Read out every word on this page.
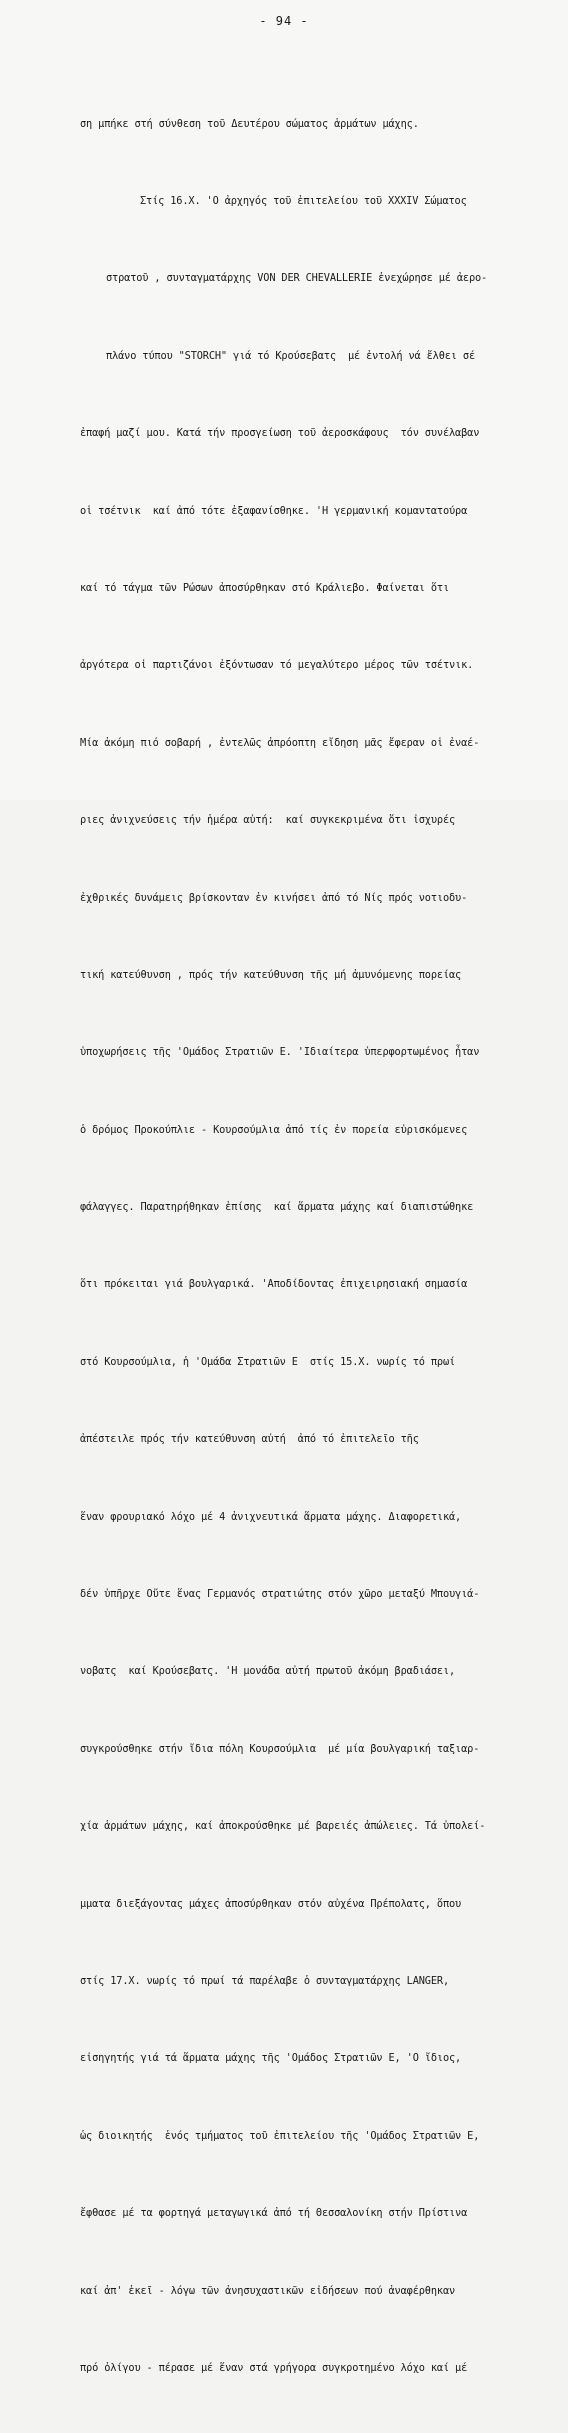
- 94 -

ση μπήκε στή σύνθεση τοῦ Δευτέρου σώματος ἁρμάτων μάχης.

Στίς 16.Χ. 'Ο ἀρχηγός τοῦ ἐπιτελείου τοῦ ΧΧΧΙV Σώματος

στρατοῦ , συνταγματάρχης VON DER CHEVALLERIE ἐνεχώρησε μέ ἀερο-

πλάνο τύπου "STORCH" γιά τό Κρούσεβατς  μέ ἐντολή νά ἔλθει σέ

ἐπαφή μαζί μου. Κατά τήν προσγείωση τοῦ ἀεροσκάφους  τόν συνέλαβαν

οἱ τσέτνικ  καί ἀπό τότε ἐξαφανίσθηκε. 'Η γερμανική κομαντατούρα

καί τό τάγμα τῶν Ρώσων ἀποσύρθηκαν στό Κράλιεβο. Φαίνεται ὅτι

ἀργότερα οἱ παρτιζάνοι ἐξόντωσαν τό μεγαλύτερο μέρος τῶν τσέτνικ.

Μία ἀκόμη πιό σοβαρή , ἐντελῶς ἀπρόοπτη εἴδηση μᾶς ἔφεραν οἱ ἐναέ-

ριες ἀνιχνεύσεις τήν ἡμέρα αὐτή:  καί συγκεκριμένα ὅτι ἰσχυρές

ἐχθρικές δυνάμεις βρίσκονταν ἐν κινήσει ἀπό τό Νίς πρός νοτιοδυ-

τική κατεύθυνση , πρός τήν κατεύθυνση τῆς μή ἀμυνόμενης πορείας

ὑποχωρήσεις τῆς 'Ομάδος Στρατιῶν Ε. 'Ιδιαίτερα ὑπερφορτωμένος ἦταν

ὁ δρόμος Προκούπλιε - Κουρσούμλια ἀπό τίς ἐν πορεία εὑρισκόμενες

φάλαγγες. Παρατηρήθηκαν ἐπίσης  καί ἅρματα μάχης καί διαπιστώθηκε

ὅτι πρόκειται γιά βουλγαρικά. 'Αποδίδοντας ἐπιχειρησιακή σημασία

στό Κουρσούμλια, ἡ 'Ομάδα Στρατιῶν Ε  στίς 15.Χ. νωρίς τό πρωί

ἀπέστειλε πρός τήν κατεύθυνση αὐτή  ἀπό τό ἐπιτελεῖο τῆς

ἕναν φρουριακό λόχο μέ 4 ἀνιχνευτικά ἅρματα μάχης. Διαφορετικά,

δέν ὑπῆρχε Οὔτε ἕνας Γερμανός στρατιώτης στόν χῶρο μεταξύ Μπουγιά-

νοβατς  καί Κρούσεβατς. 'Η μονάδα αὐτή πρωτοῦ ἀκόμη βραδιάσει,

συγκρούσθηκε στήν ἴδια πόλη Κουρσούμλια  μέ μία βουλγαρική ταξιαρ-

χία ἁρμάτων μάχης, καί ἀποκρούσθηκε μέ βαρειές ἀπώλειες. Τά ὑπολεί-

μματα διεξάγοντας μάχες ἀποσύρθηκαν στόν αὐχένα Πρέπολατς, ὅπου

στίς 17.Χ. νωρίς τό πρωί τά παρέλαβε ὁ συνταγματάρχης LANGER,

εἰσηγητής γιά τά ἅρματα μάχης τῆς 'Ομάδος Στρατιῶν Ε, 'Ο ἴδιος,

ὡς διοικητής  ἑνός τμήματος τοῦ ἐπιτελείου τῆς 'Ομάδος Στρατιῶν Ε,

ἔφθασε μέ τα φορτηγά μεταγωγικά ἀπό τή Θεσσαλονίκη στήν Πρίστινα

καί ἀπ' ἐκεῖ - λόγω τῶν ἀνησυχαστικῶν εἰδήσεων πού ἀναφέρθηκαν

πρό ὀλίγου - πέρασε μέ ἕναν στά γρήγορα συγκροτημένο λόχο καί μέ
